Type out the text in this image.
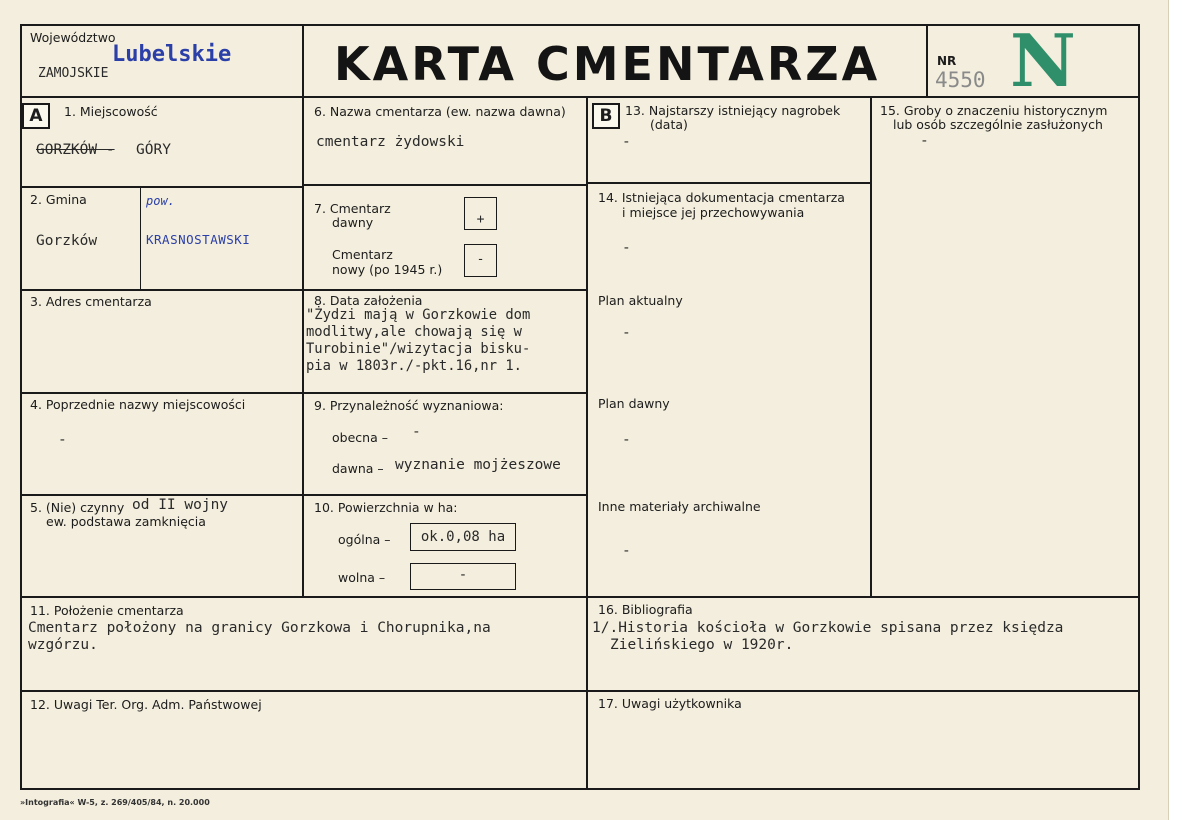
Województwo
Lubelskie
ZAMOJSKIE	KARTA CMENTARZA	NR
4550 N
A	B
1. Miejscowość
GORZKÓW - GÓRY
2. Gmina
Gorzków
pow.
KRASNOSTAWSKI
3. Adres cmentarza
4. Poprzednie nazwy miejscowości
-
5. (Nie) czynny od II wojny
ew. podstawa zamknięcia
6. Nazwa cmentarza (ew. nazwa dawna)
cmentarz żydowski
7. Cmentarz
dawny	+
Cmentarz
nowy (po 1945 r.)
-
8. Data założenia
"Żydzi mają w Gorzkowie dom
modlitwy,ale chowają się w
Turobinie"/wizytacja bisku-
pia w 1803r./-pkt.16,nr 1.
9. Przynależność wyznaniowa:
obecna – -
dawna – wyznanie mojżeszowe
10. Powierzchnia w ha:
ogólna –	ok.0,08 ha
wolna –	-
13. Najstarszy istniejący nagrobek
(data)
-
14. Istniejąca dokumentacja cmentarza
i miejsce jej przechowywania
-
Plan aktualny
-
Plan dawny
-
Inne materiały archiwalne
-
15. Groby o znaczeniu historycznym
lub osób szczególnie zasłużonych
-
11. Położenie cmentarza
Cmentarz położony na granicy Gorzkowa i Chorupnika,na
wzgórzu.
16. Bibliografia
1/.Historia kościoła w Gorzkowie spisana przez księdza
Zielińskiego w 1920r.
12. Uwagi Ter. Org. Adm. Państwowej	17. Uwagi użytkownika
»Intografia« W-5, z. 269/405/84, n. 20.000
